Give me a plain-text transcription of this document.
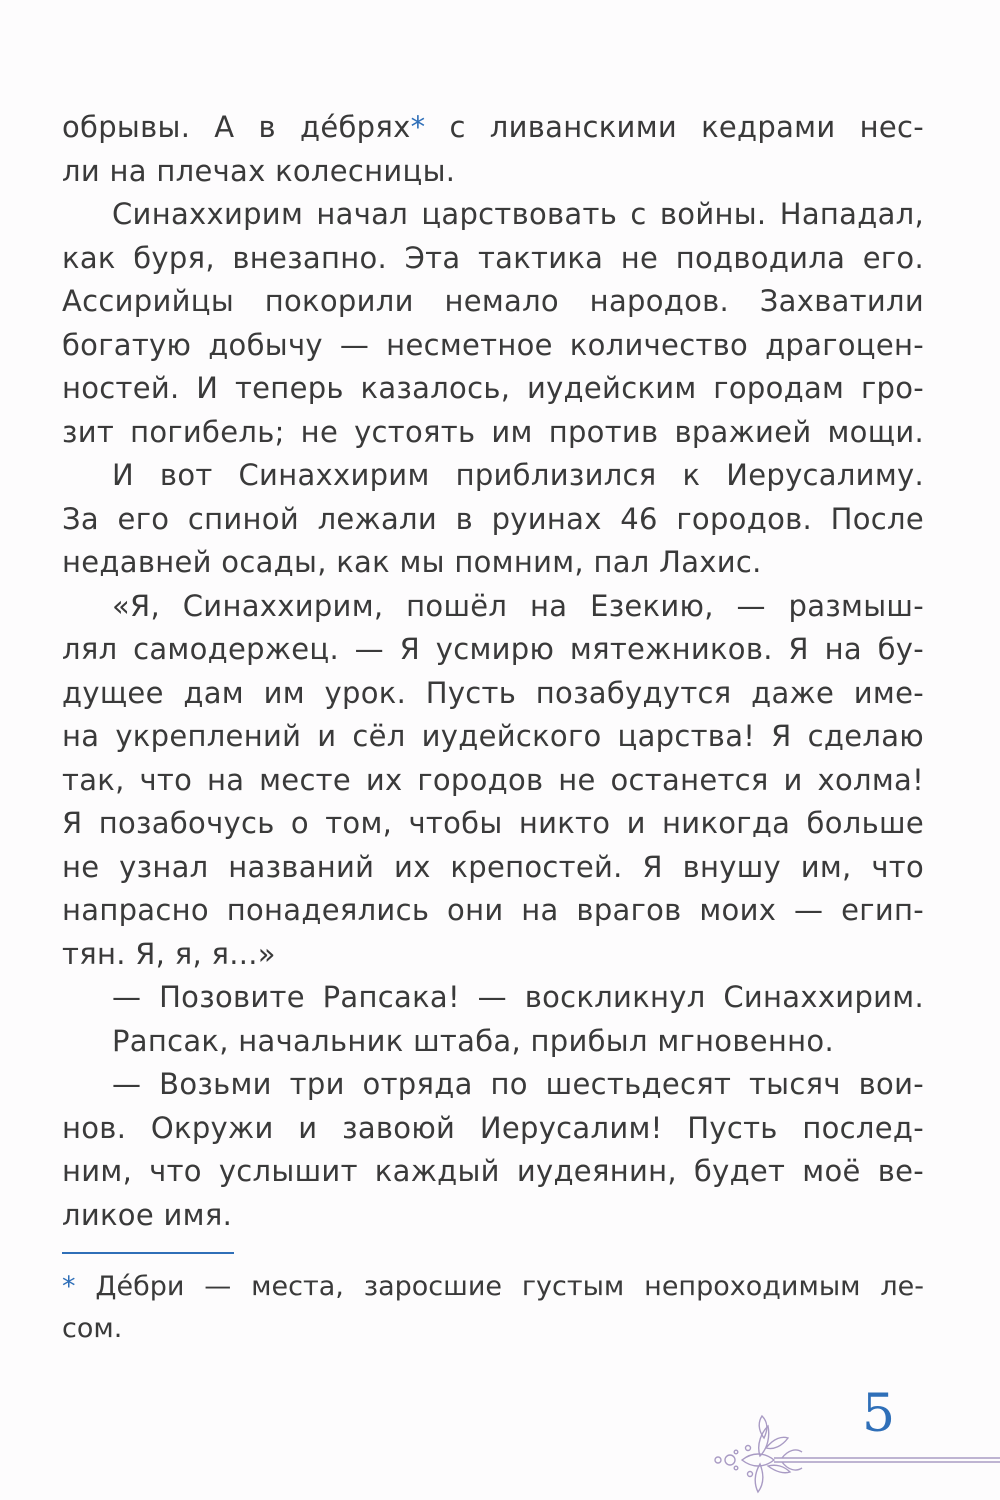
обрывы. А в де́брях* с ливанскими кедрами нес-
ли на плечах колесницы.
Синаххирим начал царствовать с войны. Нападал,
как буря, внезапно. Эта тактика не подводила его.
Ассирийцы покорили немало народов. Захватили
богатую добычу — несметное количество драгоцен-
ностей. И теперь казалось, иудейским городам гро-
зит погибель; не устоять им против вражией мощи.
И вот Синаххирим приблизился к Иерусалиму.
За его спиной лежали в руинах 46 городов. После
недавней осады, как мы помним, пал Лахис.
«Я, Синаххирим, пошёл на Езекию, — размыш-
лял самодержец. — Я усмирю мятежников. Я на бу-
дущее дам им урок. Пусть позабудутся даже име-
на укреплений и сёл иудейского царства! Я сделаю
так, что на месте их городов не останется и холма!
Я позабочусь о том, чтобы никто и никогда больше
не узнал названий их крепостей. Я внушу им, что
напрасно понадеялись они на врагов моих — егип-
тян. Я, я, я...»
— Позовите Рапсака! — воскликнул Синаххирим.
Рапсак, начальник штаба, прибыл мгновенно.
— Возьми три отряда по шестьдесят тысяч вои-
нов. Окружи и завоюй Иерусалим! Пусть послед-
ним, что услышит каждый иудеянин, будет моё ве-
ликое имя.
* Де́бри — места, заросшие густым непроходимым ле-
сом.
5
